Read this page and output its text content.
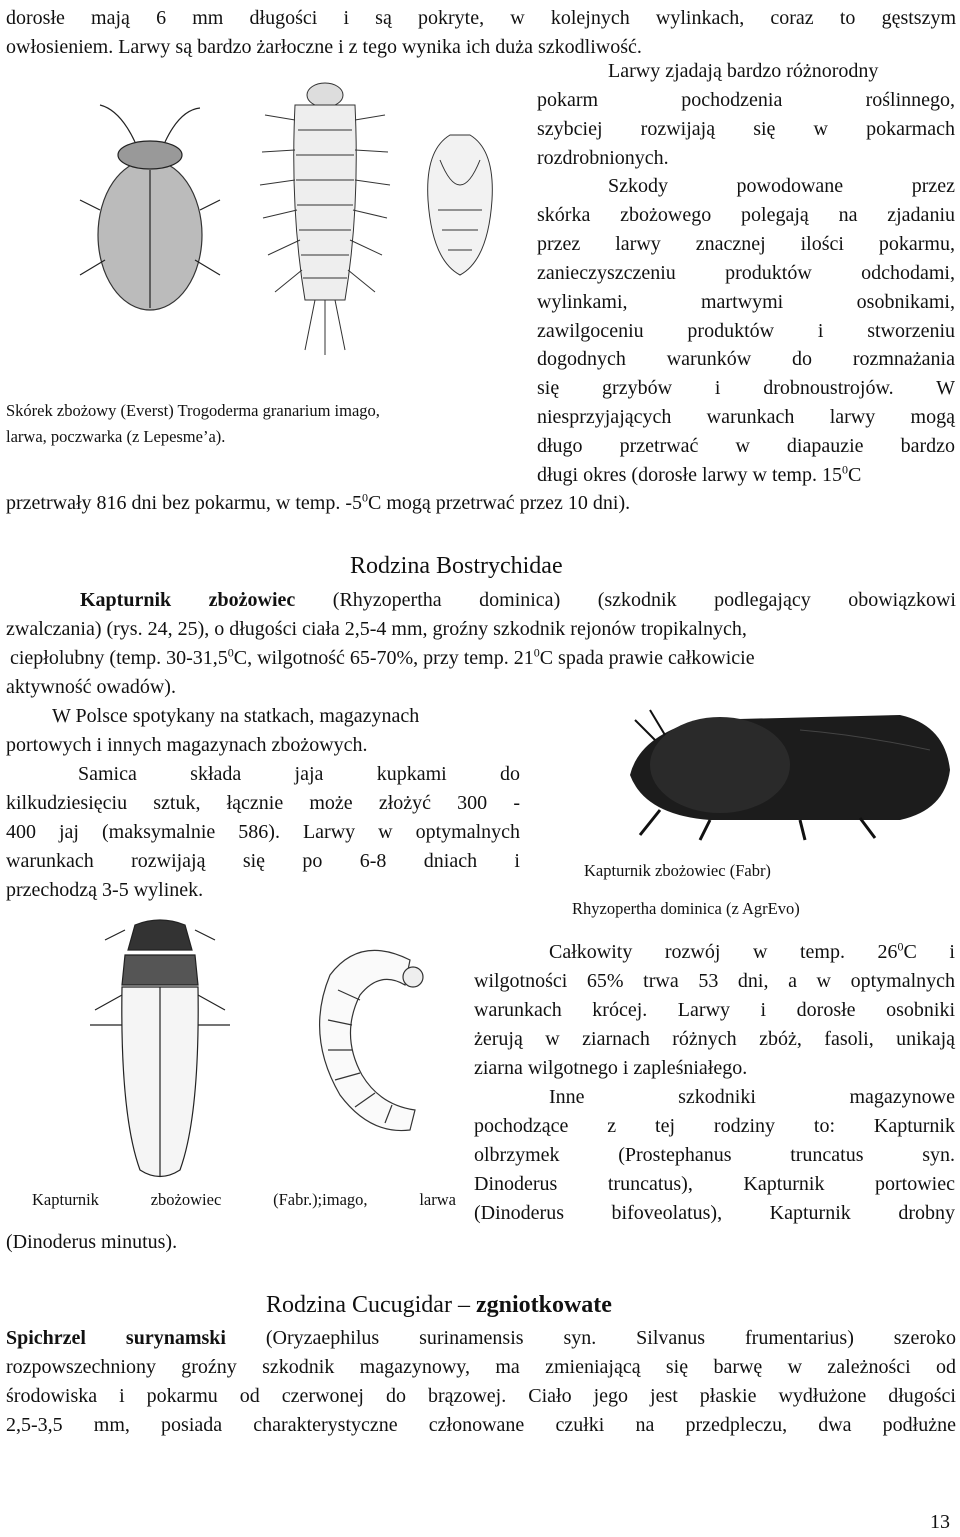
dorosłe mają 6 mm długości i są pokryte, w kolejnych wylinkach, coraz to gęstszym
owłosieniem. Larwy są bardzo żarłoczne i z tego wynika ich duża szkodliwość.
Larwy zjadają bardzo różnorodny
pokarm pochodzenia roślinnego,
szybciej rozwijają się w pokarmach
rozdrobnionych.
Szkody powodowane przez
skórka zbożowego polegają na zjadaniu
przez larwy znacznej ilości pokarmu,
zanieczyszczeniu produktów odchodami,
wylinkami, martwymi osobnikami,
zawilgoceniu produktów i stworzeniu
dogodnych warunków do rozmnażania
się grzybów i drobnoustrojów. W
niesprzyjających warunkach larwy mogą
długo przetrwać w diapauzie bardzo
długi okres (dorosłe larwy w temp. $15^0C$
Skórek zbożowy (Everst) Trogoderma granarium imago,
larwa, poczwarka (z Lepesme’a).
przetrwały 816 dni bez pokarmu, w temp. $-5^0C$ mogą przetrwać przez 10 dni).
Rodzina Bostrychidae
Kapturnik zbożowiec (Rhyzopertha dominica) (szkodnik podlegający obowiązkowi
zwalczania) (rys. 24, 25), o długości ciała 2,5-4 mm, groźny szkodnik rejonów tropikalnych,
ciepłolubny (temp. 30-31,5$^0$C, wilgotność 65-70%, przy temp. $21^0C$ spada prawie całkowicie
aktywność owadów).
W Polsce spotykany na statkach, magazynach
portowych i innych magazynach zbożowych.
Samica składa jaja kupkami do
kilkudziesięciu sztuk, łącznie może złożyć 300 -
400 jaj (maksymalnie 586). Larwy w optymalnych
warunkach rozwijają się po 6-8 dniach i
przechodzą 3-5 wylinek.
Kapturnik zbożowiec (Fabr)
Rhyzopertha dominica (z AgrEvo)
Całkowity rozwój w temp. $26^0C$ i
wilgotności 65% trwa 53 dni, a w optymalnych
warunkach krócej. Larwy i dorosłe osobniki
żerują w ziarnach różnych zbóż, fasoli, unikają
ziarna wilgotnego i zapleśniałego.
Inne szkodniki magazynowe
pochodzące z tej rodziny to: Kapturnik
olbrzymek (Prostephanus truncatus syn.
Dinoderus truncatus), Kapturnik portowiec
(Dinoderus bifoveolatus), Kapturnik drobny
Kapturnik zbożowiec (Fabr.);imago, larwa
(Dinoderus minutus).
Rodzina Cucugidar – zgniotkowate
Spichrzel surynamski (Oryzaephilus surinamensis syn. Silvanus frumentarius) szeroko
rozpowszechniony groźny szkodnik magazynowy, ma zmieniającą się barwę w zależności od
środowiska i pokarmu od czerwonej do brązowej. Ciało jego jest płaskie wydłużone długości
2,5-3,5 mm, posiada charakterystyczne członowane czułki na przedpleczu, dwa podłużne
13
